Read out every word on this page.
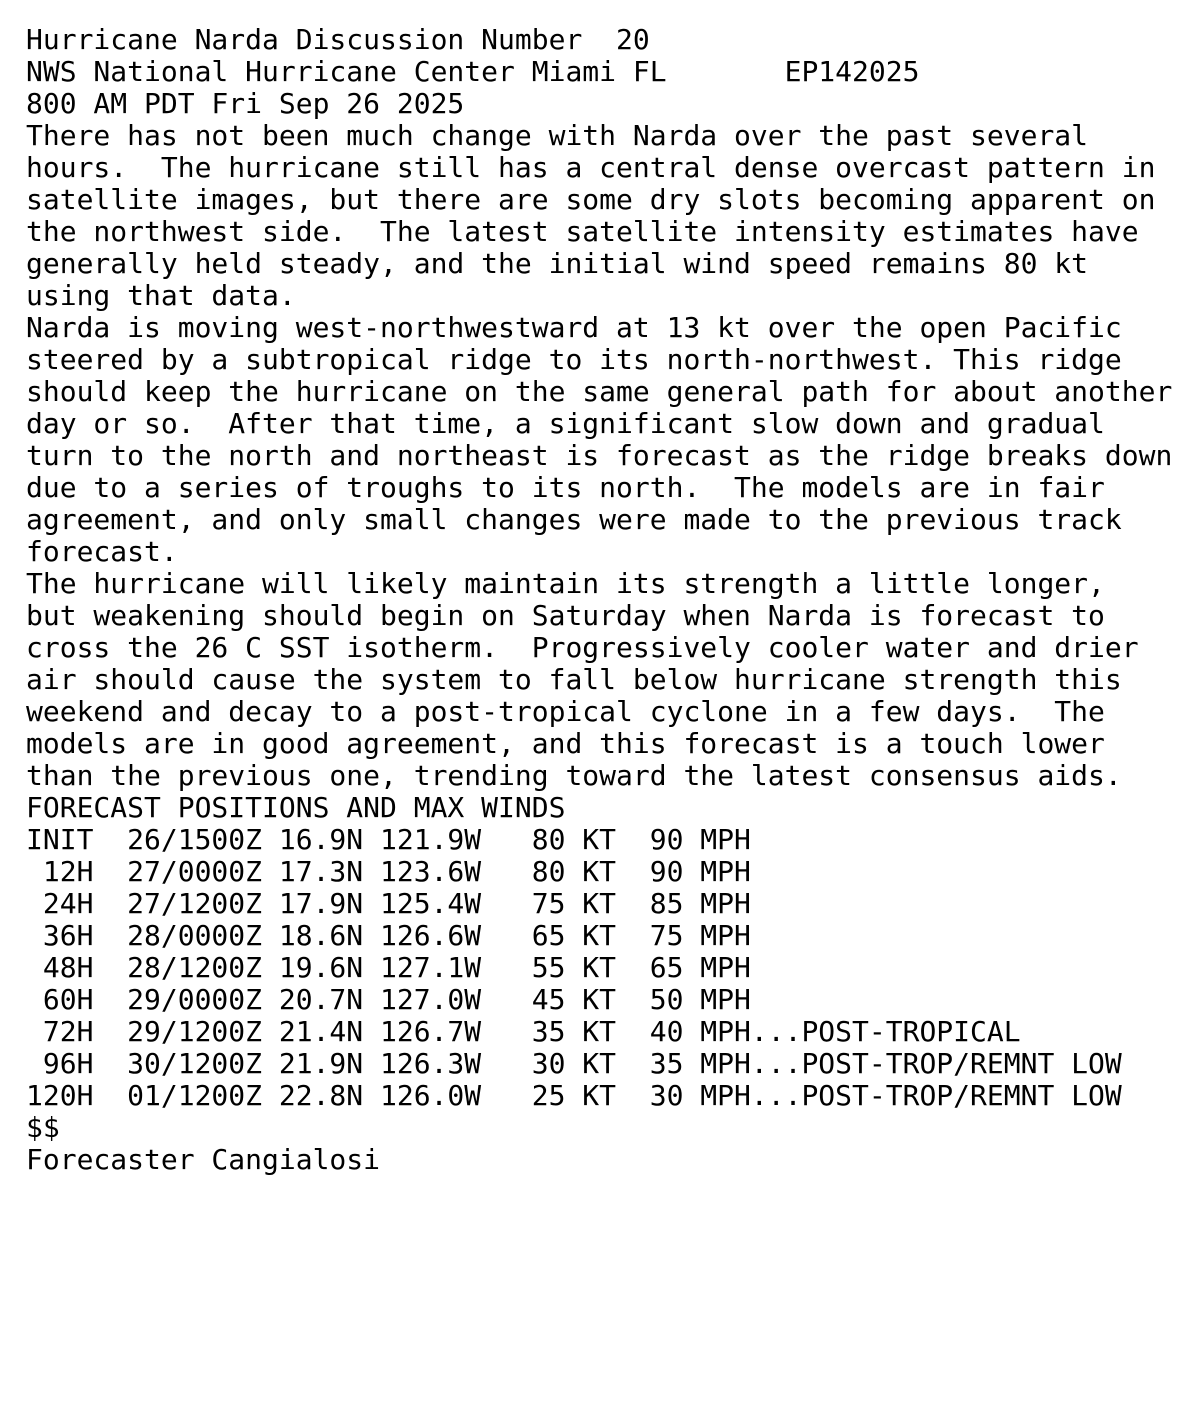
Hurricane Narda Discussion Number  20
NWS National Hurricane Center Miami FL       EP142025
800 AM PDT Fri Sep 26 2025
There has not been much change with Narda over the past several
hours.  The hurricane still has a central dense overcast pattern in
satellite images, but there are some dry slots becoming apparent on
the northwest side.  The latest satellite intensity estimates have
generally held steady, and the initial wind speed remains 80 kt
using that data.
Narda is moving west-northwestward at 13 kt over the open Pacific
steered by a subtropical ridge to its north-northwest. This ridge
should keep the hurricane on the same general path for about another
day or so.  After that time, a significant slow down and gradual
turn to the north and northeast is forecast as the ridge breaks down
due to a series of troughs to its north.  The models are in fair
agreement, and only small changes were made to the previous track
forecast.
The hurricane will likely maintain its strength a little longer,
but weakening should begin on Saturday when Narda is forecast to
cross the 26 C SST isotherm.  Progressively cooler water and drier
air should cause the system to fall below hurricane strength this
weekend and decay to a post-tropical cyclone in a few days.  The
models are in good agreement, and this forecast is a touch lower
than the previous one, trending toward the latest consensus aids.
FORECAST POSITIONS AND MAX WINDS
INIT  26/1500Z 16.9N 121.9W   80 KT  90 MPH
12H  27/0000Z 17.3N 123.6W   80 KT  90 MPH
24H  27/1200Z 17.9N 125.4W   75 KT  85 MPH
36H  28/0000Z 18.6N 126.6W   65 KT  75 MPH
48H  28/1200Z 19.6N 127.1W   55 KT  65 MPH
60H  29/0000Z 20.7N 127.0W   45 KT  50 MPH
72H  29/1200Z 21.4N 126.7W   35 KT  40 MPH...POST-TROPICAL
96H  30/1200Z 21.9N 126.3W   30 KT  35 MPH...POST-TROP/REMNT LOW
120H  01/1200Z 22.8N 126.0W   25 KT  30 MPH...POST-TROP/REMNT LOW
$$
Forecaster Cangialosi
